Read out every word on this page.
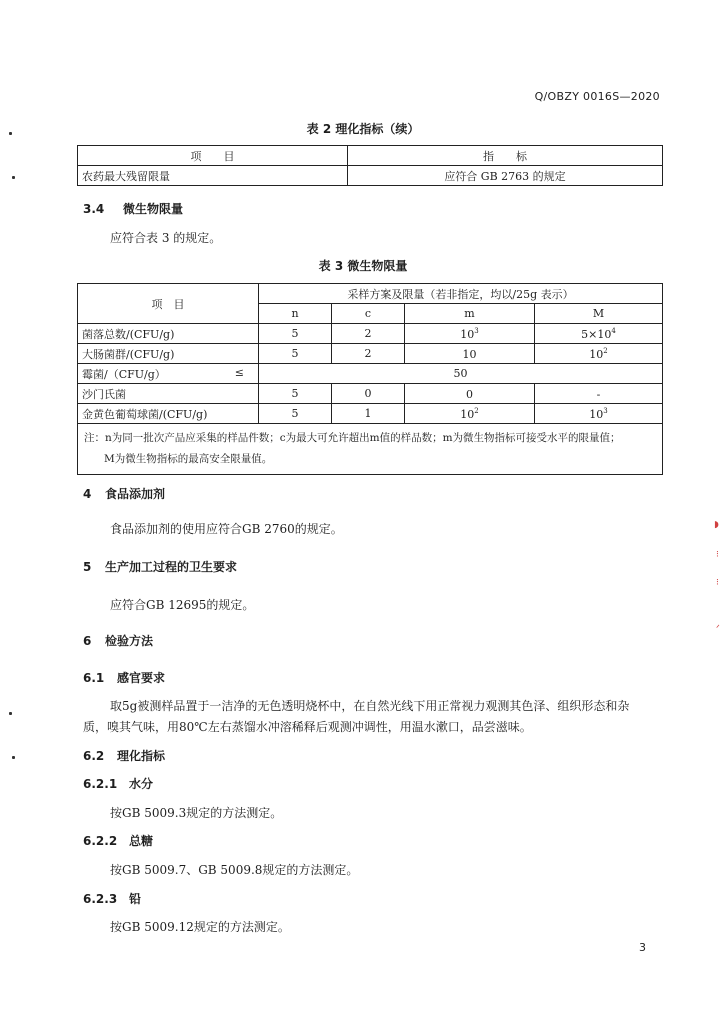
Q/OBZY 0016S—2020
表 2 理化指标（续）
项　　目	指　　标
农药最大残留限量	应符合 GB 2763 的规定
3.4 微生物限量
应符合表 3 的规定。
表 3 微生物限量
项　目	采样方案及限量（若非指定，均以/25g 表示）			
	n	c	m	M
菌落总数/(CFU/g)	5	2	$10^3$	$5\times 10^4$
大肠菌群/(CFU/g)	5	2	10	$10^2$
霉菌/（CFU/g） ≤	50			
沙门氏菌	5	0	0	-
金黄色葡萄球菌/(CFU/g)	5	1	$10^2$	$10^3$

注：n为同一批次产品应采集的样品件数；c为最大可允许超出m值的样品数；m为微生物指标可接受水平的限量值；
M为微生物指标的最高安全限量值。				
4 食品添加剂
食品添加剂的使用应符合GB 2760的规定。
5 生产加工过程的卫生要求
应符合GB 12695的规定。
6 检验方法
6.1 感官要求
取5g被测样品置于一洁净的无色透明烧杯中，在自然光线下用正常视力观测其色泽、组织形态和杂
质，嗅其气味，用80℃左右蒸馏水冲溶稀释后观测冲调性，用温水漱口，品尝滋味。
6.2 理化指标
6.2.1 水分
按GB 5009.3规定的方法测定。
6.2.2 总糖
按GB 5009.7、GB 5009.8规定的方法测定。
6.2.3 铅
按GB 5009.12规定的方法测定。
3
◗
⁝
⁝
ᐟ
